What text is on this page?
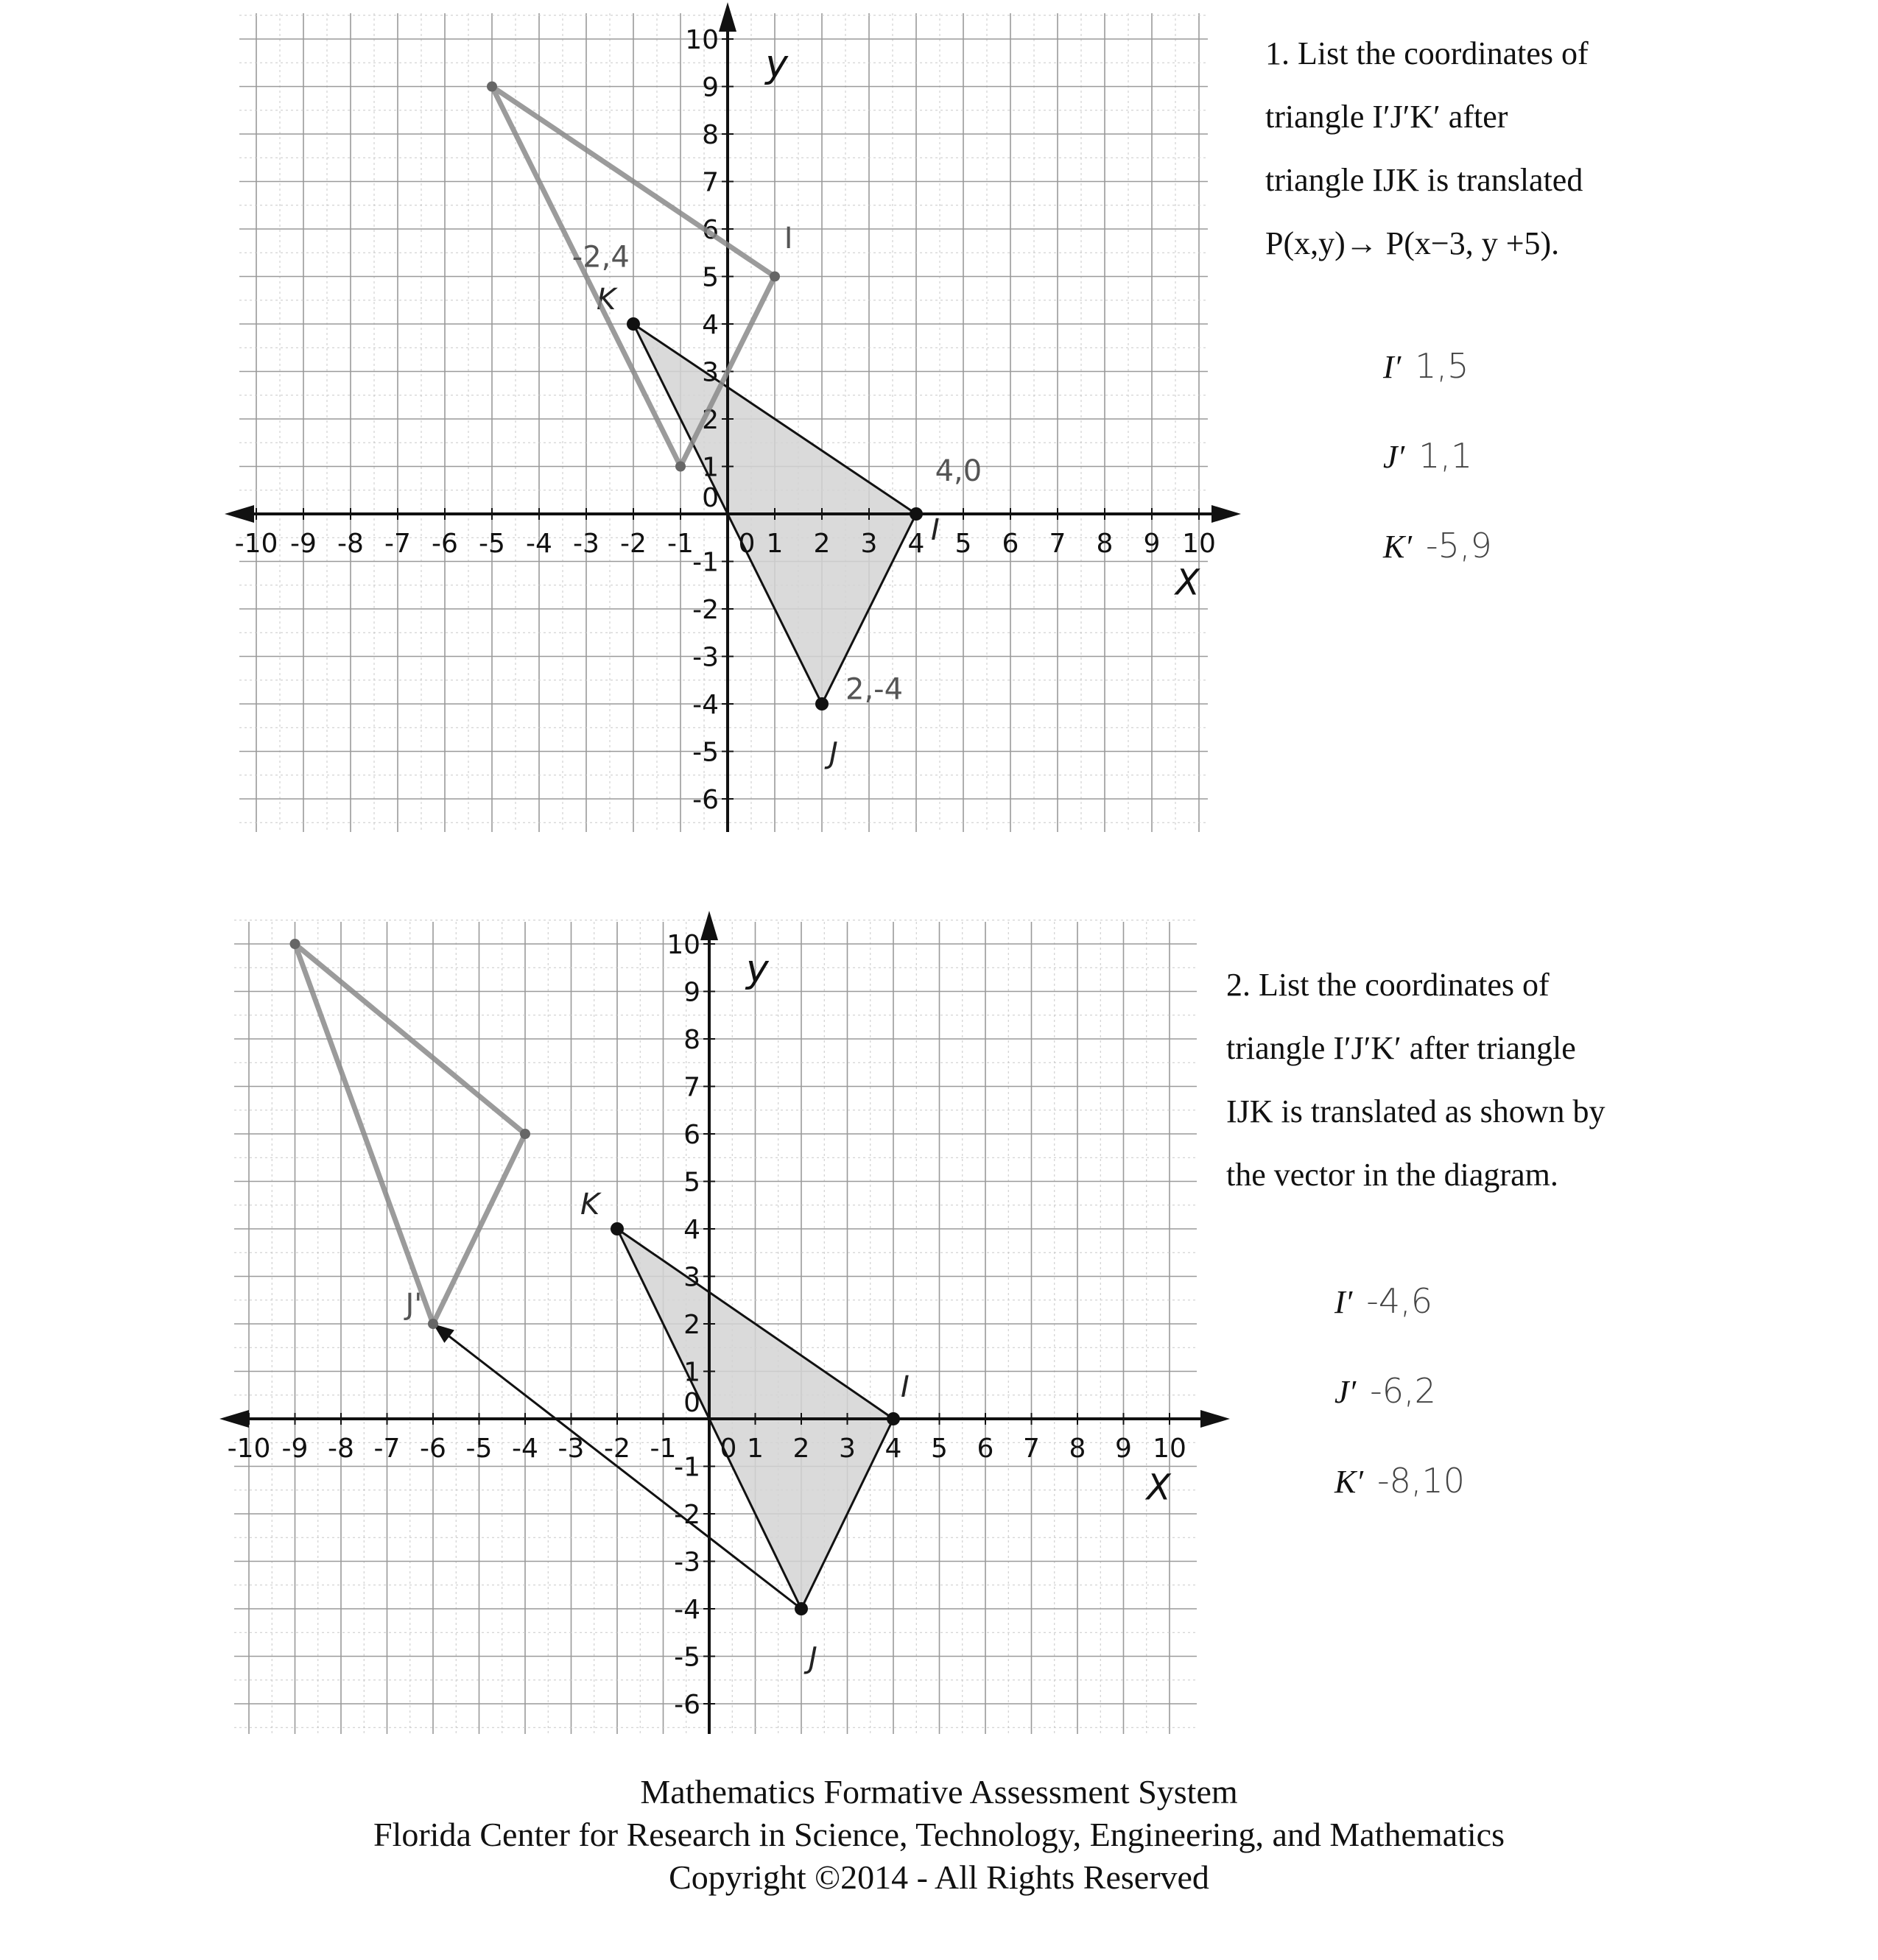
-10 -9 -8 -7 -6 -5 -4 -3 -2 -1 0 1 2 3 4 5 6 7 8 9 10
10
9
8
7
6
5
4
3
2
1
0
-1
-2
-3
-4
-5
-6
X
y
I
J
K
-2,4
4,0
2,-4
I
-10 -9 -8 -7 -6 -5 -4 -3 -2 -1 0 1 2 3 4 5 6 7 8 9 10
10
9
8
7
6
5
4
3
2
1
0
-1
-2
-3
-4
-5
-6
X
y
I
J
K
J'
1. List the coordinates of
triangle I′J′K′ after
triangle IJK is translated
P(x,y)→ P(x−3, y +5).
I′ 1,5
J′ 1,1
K′ -5,9
2. List the coordinates of
triangle I′J′K′ after triangle
IJK is translated as shown by
the vector in the diagram.
I′ -4,6
J′ -6,2
K′ -8,10
Mathematics Formative Assessment System
Florida Center for Research in Science, Technology, Engineering, and Mathematics
Copyright ©2014 - All Rights Reserved
